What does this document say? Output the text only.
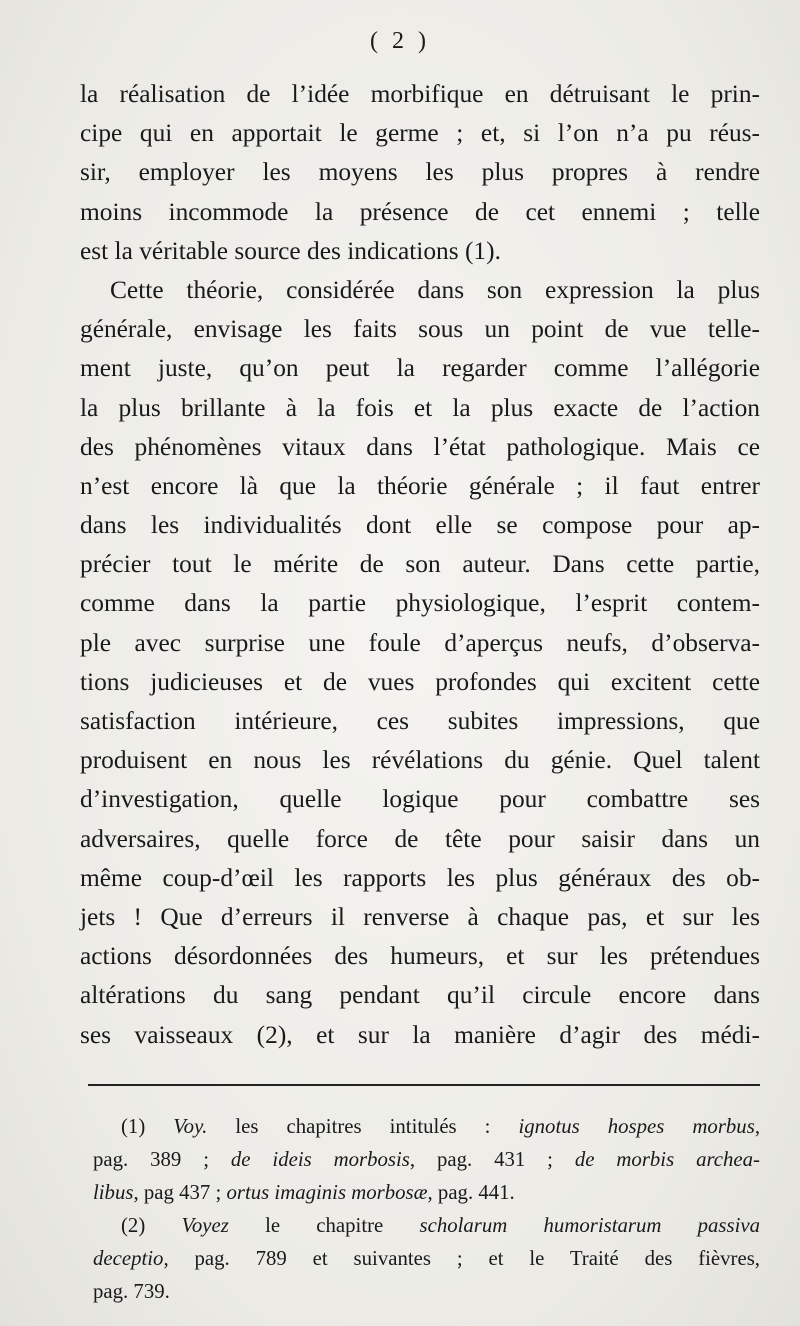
( 2 )
la réalisation de l’idée morbifique en détruisant le prin-
cipe qui en apportait le germe ; et, si l’on n’a pu réus-
sir, employer les moyens les plus propres à rendre
moins incommode la présence de cet ennemi ; telle
est la véritable source des indications (1).
Cette théorie, considérée dans son expression la plus
générale, envisage les faits sous un point de vue telle-
ment juste, qu’on peut la regarder comme l’allégorie
la plus brillante à la fois et la plus exacte de l’action
des phénomènes vitaux dans l’état pathologique. Mais ce
n’est encore là que la théorie générale ; il faut entrer
dans les individualités dont elle se compose pour ap-
précier tout le mérite de son auteur. Dans cette partie,
comme dans la partie physiologique, l’esprit contem-
ple avec surprise une foule d’aperçus neufs, d’observa-
tions judicieuses et de vues profondes qui excitent cette
satisfaction intérieure, ces subites impressions, que
produisent en nous les révélations du génie. Quel talent
d’investigation, quelle logique pour combattre ses
adversaires, quelle force de tête pour saisir dans un
même coup-d’œil les rapports les plus généraux des ob-
jets ! Que d’erreurs il renverse à chaque pas, et sur les
actions désordonnées des humeurs, et sur les prétendues
altérations du sang pendant qu’il circule encore dans
ses vaisseaux (2), et sur la manière d’agir des médi-
(1) Voy. les chapitres intitulés : ignotus hospes morbus,
pag. 389 ; de ideis morbosis, pag. 431 ; de morbis archea-
libus, pag 437 ; ortus imaginis morbosæ, pag. 441.
(2) Voyez le chapitre scholarum humoristarum passiva
deceptio, pag. 789 et suivantes ; et le Traité des fièvres,
pag. 739.
